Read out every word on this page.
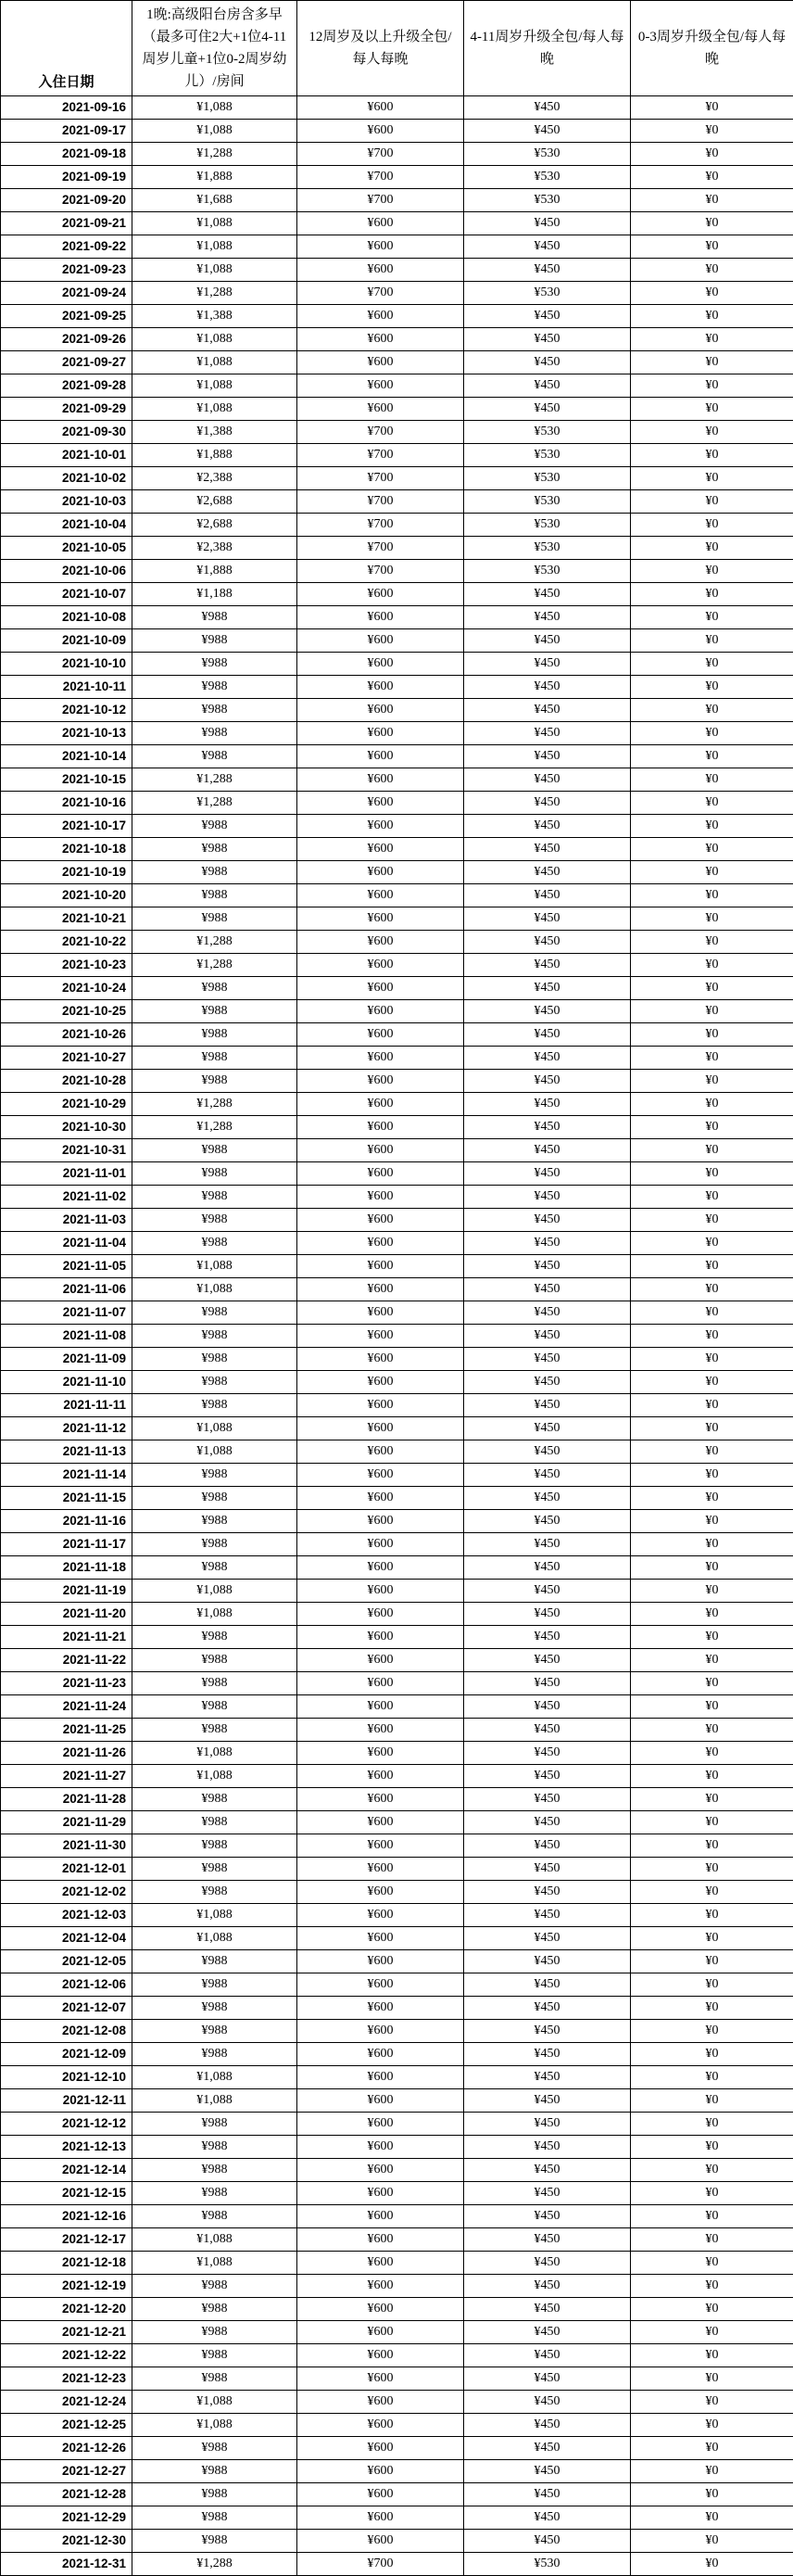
入住日期	1晚:高级阳台房含多早（最多可住2大+1位4-11周岁儿童+1位0-2周岁幼儿）/房间	12周岁及以上升级全包/每人每晚	4-11周岁升级全包/每人每晚	0-3周岁升级全包/每人每晚
2021-09-16	¥1,088	¥600	¥450	¥0
2021-09-17	¥1,088	¥600	¥450	¥0
2021-09-18	¥1,288	¥700	¥530	¥0
2021-09-19	¥1,888	¥700	¥530	¥0
2021-09-20	¥1,688	¥700	¥530	¥0
2021-09-21	¥1,088	¥600	¥450	¥0
2021-09-22	¥1,088	¥600	¥450	¥0
2021-09-23	¥1,088	¥600	¥450	¥0
2021-09-24	¥1,288	¥700	¥530	¥0
2021-09-25	¥1,388	¥600	¥450	¥0
2021-09-26	¥1,088	¥600	¥450	¥0
2021-09-27	¥1,088	¥600	¥450	¥0
2021-09-28	¥1,088	¥600	¥450	¥0
2021-09-29	¥1,088	¥600	¥450	¥0
2021-09-30	¥1,388	¥700	¥530	¥0
2021-10-01	¥1,888	¥700	¥530	¥0
2021-10-02	¥2,388	¥700	¥530	¥0
2021-10-03	¥2,688	¥700	¥530	¥0
2021-10-04	¥2,688	¥700	¥530	¥0
2021-10-05	¥2,388	¥700	¥530	¥0
2021-10-06	¥1,888	¥700	¥530	¥0
2021-10-07	¥1,188	¥600	¥450	¥0
2021-10-08	¥988	¥600	¥450	¥0
2021-10-09	¥988	¥600	¥450	¥0
2021-10-10	¥988	¥600	¥450	¥0
2021-10-11	¥988	¥600	¥450	¥0
2021-10-12	¥988	¥600	¥450	¥0
2021-10-13	¥988	¥600	¥450	¥0
2021-10-14	¥988	¥600	¥450	¥0
2021-10-15	¥1,288	¥600	¥450	¥0
2021-10-16	¥1,288	¥600	¥450	¥0
2021-10-17	¥988	¥600	¥450	¥0
2021-10-18	¥988	¥600	¥450	¥0
2021-10-19	¥988	¥600	¥450	¥0
2021-10-20	¥988	¥600	¥450	¥0
2021-10-21	¥988	¥600	¥450	¥0
2021-10-22	¥1,288	¥600	¥450	¥0
2021-10-23	¥1,288	¥600	¥450	¥0
2021-10-24	¥988	¥600	¥450	¥0
2021-10-25	¥988	¥600	¥450	¥0
2021-10-26	¥988	¥600	¥450	¥0
2021-10-27	¥988	¥600	¥450	¥0
2021-10-28	¥988	¥600	¥450	¥0
2021-10-29	¥1,288	¥600	¥450	¥0
2021-10-30	¥1,288	¥600	¥450	¥0
2021-10-31	¥988	¥600	¥450	¥0
2021-11-01	¥988	¥600	¥450	¥0
2021-11-02	¥988	¥600	¥450	¥0
2021-11-03	¥988	¥600	¥450	¥0
2021-11-04	¥988	¥600	¥450	¥0
2021-11-05	¥1,088	¥600	¥450	¥0
2021-11-06	¥1,088	¥600	¥450	¥0
2021-11-07	¥988	¥600	¥450	¥0
2021-11-08	¥988	¥600	¥450	¥0
2021-11-09	¥988	¥600	¥450	¥0
2021-11-10	¥988	¥600	¥450	¥0
2021-11-11	¥988	¥600	¥450	¥0
2021-11-12	¥1,088	¥600	¥450	¥0
2021-11-13	¥1,088	¥600	¥450	¥0
2021-11-14	¥988	¥600	¥450	¥0
2021-11-15	¥988	¥600	¥450	¥0
2021-11-16	¥988	¥600	¥450	¥0
2021-11-17	¥988	¥600	¥450	¥0
2021-11-18	¥988	¥600	¥450	¥0
2021-11-19	¥1,088	¥600	¥450	¥0
2021-11-20	¥1,088	¥600	¥450	¥0
2021-11-21	¥988	¥600	¥450	¥0
2021-11-22	¥988	¥600	¥450	¥0
2021-11-23	¥988	¥600	¥450	¥0
2021-11-24	¥988	¥600	¥450	¥0
2021-11-25	¥988	¥600	¥450	¥0
2021-11-26	¥1,088	¥600	¥450	¥0
2021-11-27	¥1,088	¥600	¥450	¥0
2021-11-28	¥988	¥600	¥450	¥0
2021-11-29	¥988	¥600	¥450	¥0
2021-11-30	¥988	¥600	¥450	¥0
2021-12-01	¥988	¥600	¥450	¥0
2021-12-02	¥988	¥600	¥450	¥0
2021-12-03	¥1,088	¥600	¥450	¥0
2021-12-04	¥1,088	¥600	¥450	¥0
2021-12-05	¥988	¥600	¥450	¥0
2021-12-06	¥988	¥600	¥450	¥0
2021-12-07	¥988	¥600	¥450	¥0
2021-12-08	¥988	¥600	¥450	¥0
2021-12-09	¥988	¥600	¥450	¥0
2021-12-10	¥1,088	¥600	¥450	¥0
2021-12-11	¥1,088	¥600	¥450	¥0
2021-12-12	¥988	¥600	¥450	¥0
2021-12-13	¥988	¥600	¥450	¥0
2021-12-14	¥988	¥600	¥450	¥0
2021-12-15	¥988	¥600	¥450	¥0
2021-12-16	¥988	¥600	¥450	¥0
2021-12-17	¥1,088	¥600	¥450	¥0
2021-12-18	¥1,088	¥600	¥450	¥0
2021-12-19	¥988	¥600	¥450	¥0
2021-12-20	¥988	¥600	¥450	¥0
2021-12-21	¥988	¥600	¥450	¥0
2021-12-22	¥988	¥600	¥450	¥0
2021-12-23	¥988	¥600	¥450	¥0
2021-12-24	¥1,088	¥600	¥450	¥0
2021-12-25	¥1,088	¥600	¥450	¥0
2021-12-26	¥988	¥600	¥450	¥0
2021-12-27	¥988	¥600	¥450	¥0
2021-12-28	¥988	¥600	¥450	¥0
2021-12-29	¥988	¥600	¥450	¥0
2021-12-30	¥988	¥600	¥450	¥0
2021-12-31	¥1,288	¥700	¥530	¥0
